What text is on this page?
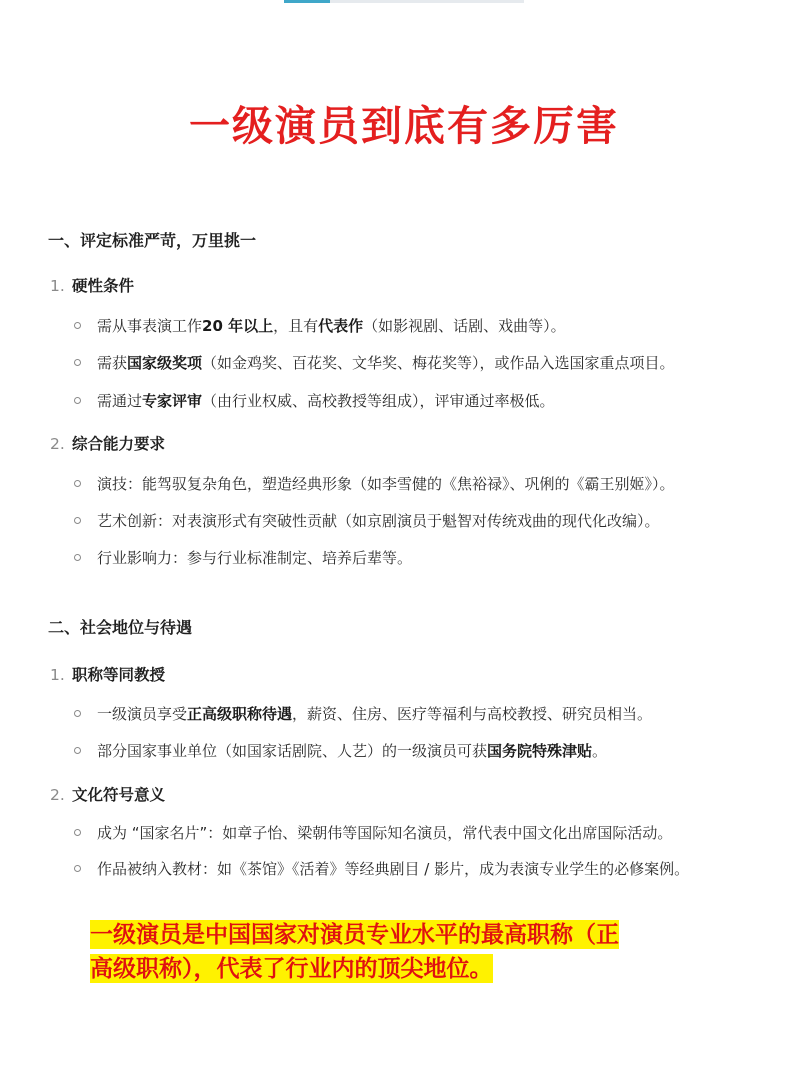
一级演员到底有多厉害
一、评定标准严苛，万里挑一
1. 硬性条件
需从事表演工作20 年以上，且有代表作（如影视剧、话剧、戏曲等）。
需获国家级奖项（如金鸡奖、百花奖、文华奖、梅花奖等），或作品入选国家重点项目。
需通过专家评审（由行业权威、高校教授等组成），评审通过率极低。
2. 综合能力要求
演技：能驾驭复杂角色，塑造经典形象（如李雪健的《焦裕禄》、巩俐的《霸王别姬》）。
艺术创新：对表演形式有突破性贡献（如京剧演员于魁智对传统戏曲的现代化改编）。
行业影响力：参与行业标准制定、培养后辈等。
二、社会地位与待遇
1. 职称等同教授
一级演员享受正高级职称待遇，薪资、住房、医疗等福利与高校教授、研究员相当。
部分国家事业单位（如国家话剧院、人艺）的一级演员可获国务院特殊津贴。
2. 文化符号意义
成为 “国家名片”：如章子怡、梁朝伟等国际知名演员，常代表中国文化出席国际活动。
作品被纳入教材：如《茶馆》《活着》等经典剧目 / 影片，成为表演专业学生的必修案例。
一级演员是中国国家对演员专业水平的最高职称（正
高级职称），代表了行业内的顶尖地位。
